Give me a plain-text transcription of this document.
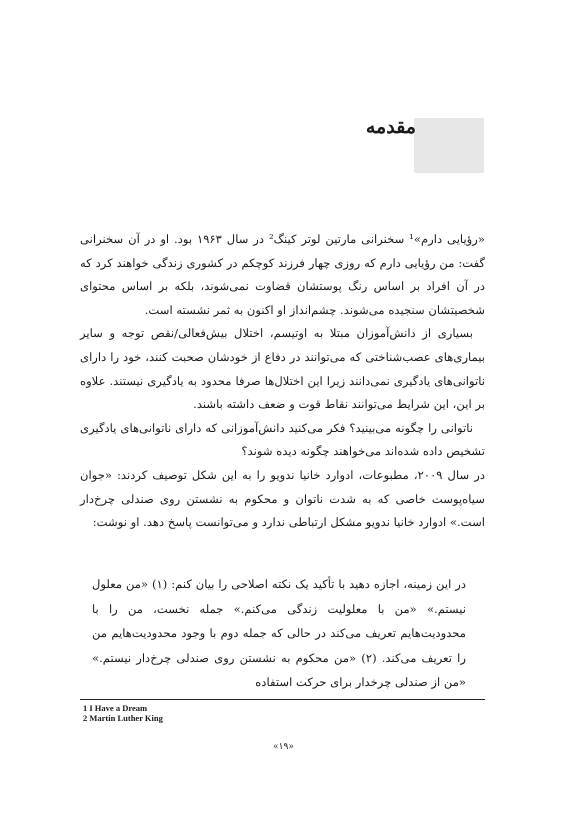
مقدمه

«رؤیایی دارم»¹ سخنرانی مارتین لوتر کینگ² در سال ۱۹۶۳ بود. او در آن سخنرانی گفت: من رؤیایی دارم که روزی چهار فرزند کوچکم در کشوری زندگی خواهند کرد که در آن افراد بر اساس رنگ پوستشان قضاوت نمی‌شوند، بلکه بر اساس محتوای شخصیتشان سنجیده می‌شوند. چشم‌انداز او اکنون به ثمر نشسته است.

بسیاری از دانش‌آموزان مبتلا به اوتیسم، اختلال بیش‌فعالی/نقص توجه و سایر بیماری‌های عصب‌شناختی که می‌توانند در دفاع از خودشان صحبت کنند، خود را دارای ناتوانی‌های یادگیری نمی‌دانند زیرا این اختلال‌ها صرفا محدود به یادگیری نیستند. علاوه بر این، این شرایط می‌توانند نقاط قوت و ضعف داشته باشند.

ناتوانی را چگونه می‌بینید؟ فکر می‌کنید دانش‌آموزانی که دارای ناتوانی‌های یادگیری تشخیص داده شده‌اند می‌خواهند چگونه دیده شوند؟

در سال ۲۰۰۹، مطبوعات، ادوارد خانیا ندویو را به این شکل توصیف کردند: «جوان سیاه‌پوست خاصی که به شدت ناتوان و محکوم به نشستن روی صندلی چرخ‌دار است.» ادوارد خانیا ندویو مشکل ارتباطی ندارد و می‌توانست پاسخ دهد. او نوشت:

در این زمینه، اجازه دهید با تأکید یک نکته اصلاحی را بیان کنم: (۱) «من معلول نیستم.» «من با معلولیت زندگی می‌کنم.» جمله نخست، من را با محدودیت‌هایم تعریف می‌کند در حالی که جمله دوم با وجود محدودیت‌هایم من را تعریف می‌کند. (۲) «من محکوم به نشستن روی صندلی چرخ‌دار نیستم.» «من از صندلی چرخدار برای حرکت استفاده

1 I Have a Dream
2 Martin Luther King
«۱۹»
